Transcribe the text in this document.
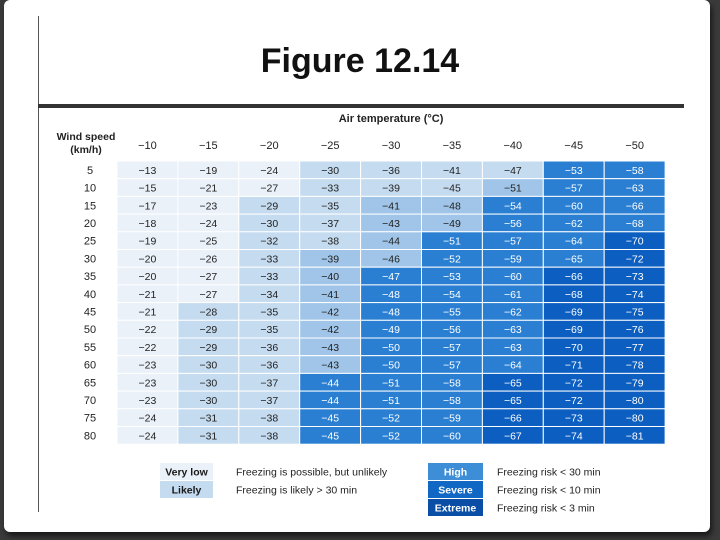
Figure 12.14
Air temperature (°C)
Wind speed
(km/h)	−10	−15	−20	−25	−30	−35	−40	−45	−50
5	−13	−19	−24	−30	−36	−41	−47	−53	−58
10	−15	−21	−27	−33	−39	−45	−51	−57	−63
15	−17	−23	−29	−35	−41	−48	−54	−60	−66
20	−18	−24	−30	−37	−43	−49	−56	−62	−68
25	−19	−25	−32	−38	−44	−51	−57	−64	−70
30	−20	−26	−33	−39	−46	−52	−59	−65	−72
35	−20	−27	−33	−40	−47	−53	−60	−66	−73
40	−21	−27	−34	−41	−48	−54	−61	−68	−74
45	−21	−28	−35	−42	−48	−55	−62	−69	−75
50	−22	−29	−35	−42	−49	−56	−63	−69	−76
55	−22	−29	−36	−43	−50	−57	−63	−70	−77
60	−23	−30	−36	−43	−50	−57	−64	−71	−78
65	−23	−30	−37	−44	−51	−58	−65	−72	−79
70	−23	−30	−37	−44	−51	−58	−65	−72	−80
75	−24	−31	−38	−45	−52	−59	−66	−73	−80
80	−24	−31	−38	−45	−52	−60	−67	−74	−81
Very low	Freezing is possible, but unlikely
Likely	Freezing is likely > 30 min
High	Freezing risk < 30 min
Severe Freezing risk < 10 min
Extreme Freezing risk < 3 min
